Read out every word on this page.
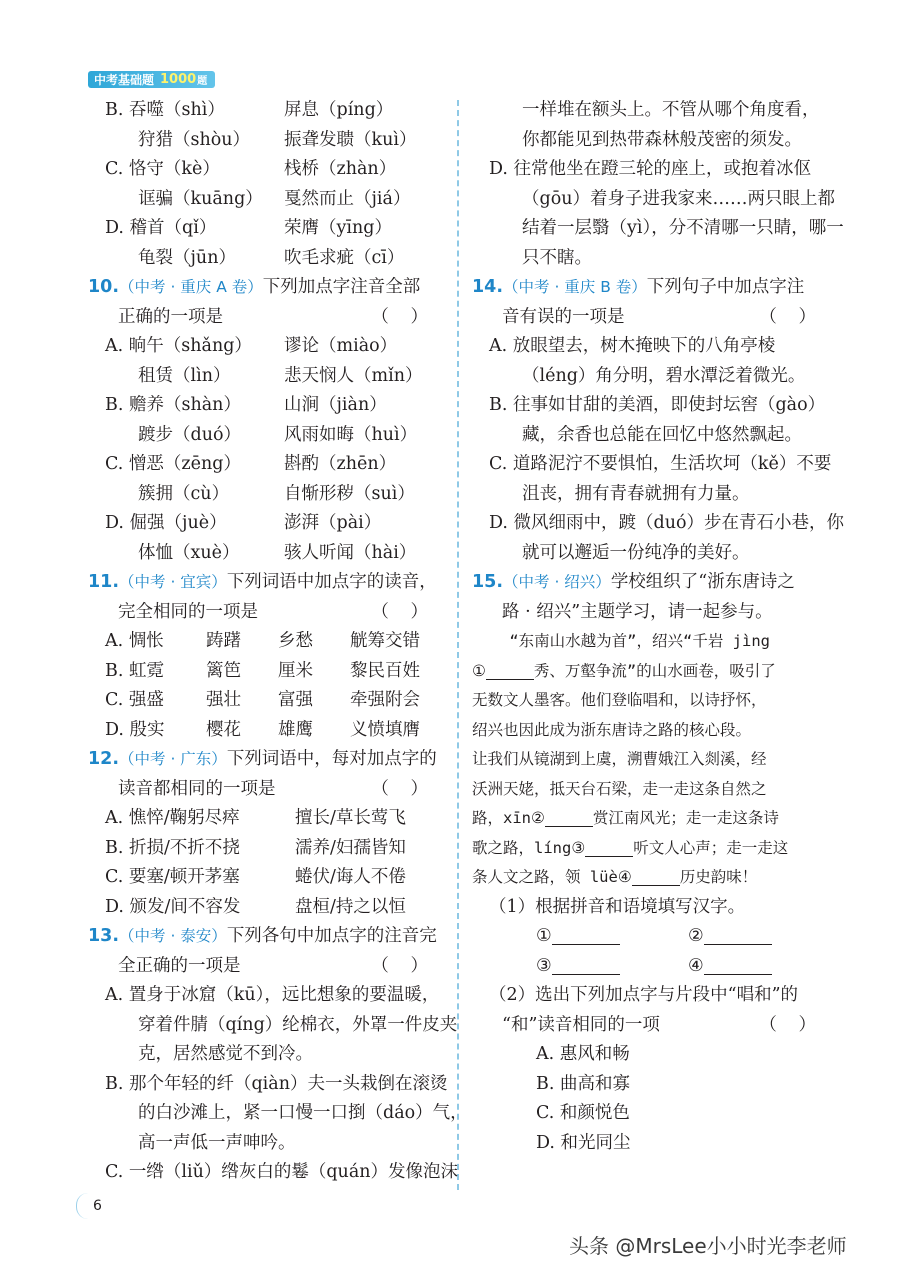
中考基础题 1000 题
B. 吞噬（shì）	屏息（píng）
狩猎（shòu） 振聋发聩（kuì）
C. 恪守（kè）	栈桥（zhàn）
诓骗（kuāng） 戛然而止（jiá）
D. 稽首（qǐ）	荣膺（yīng）
龟裂（jūn）	吹毛求疵（cī）
10.（中考 · 重庆 A 卷）下列加点字注音全部
正确的一项是	（ ）
A. 晌午（shǎng） 谬论（miào）
租赁（lìn）	悲天悯人（mǐn）
B. 赡养（shàn） 山涧（jiàn）
踱步（duó） 风雨如晦（huì）
C. 憎恶（zēng） 斟酌（zhēn）
簇拥（cù）	自惭形秽（suì）
D. 倔强（juè）	澎湃（pài）
体恤（xuè）	骇人听闻（hài）
11.（中考 · 宜宾）下列词语中加点字的读音，
完全相同的一项是	（ ）
A. 惆怅 踌躇 乡愁 觥筹交错
B. 虹霓 篱笆 厘米 黎民百姓
C. 强盛 强壮 富强 牵强附会
D. 殷实 樱花 雄鹰 义愤填膺
12.（中考 · 广东）下列词语中，每对加点字的
读音都相同的一项是	（ ）
A. 憔悴/鞠躬尽瘁	擅长/草长莺飞
B. 折损/不折不挠	濡养/妇孺皆知
C. 要塞/顿开茅塞	蜷伏/诲人不倦
D. 颁发/间不容发	盘桓/持之以恒
13.（中考 · 泰安）下列各句中加点字的注音完
全正确的一项是	（ ）
A. 置身于冰窟（kū），远比想象的要温暖，
穿着件腈（qíng）纶棉衣，外罩一件皮夹
克，居然感觉不到冷。
B. 那个年轻的纤（qiàn）夫一头栽倒在滚烫
的白沙滩上，紧一口慢一口捯（dáo）气，
高一声低一声呻吟。
C. 一绺（liǔ）绺灰白的鬈（quán）发像泡沫
一样堆在额头上。不管从哪个角度看，
你都能见到热带森林般茂密的须发。
D. 往常他坐在蹬三轮的座上，或抱着冰伛
（gōu）着身子进我家来……两只眼上都
结着一层翳（yì），分不清哪一只睛，哪一
只不瞎。
14.（中考 · 重庆 B 卷）下列句子中加点字注
音有误的一项是	（ ）
A. 放眼望去，树木掩映下的八角亭棱
（léng）角分明，碧水潭泛着微光。
B. 往事如甘甜的美酒，即使封坛窖（gào）
藏，余香也总能在回忆中悠然飘起。
C. 道路泥泞不要惧怕，生活坎坷（kě）不要
沮丧，拥有青春就拥有力量。
D. 微风细雨中，踱（duó）步在青石小巷，你
就可以邂逅一份纯净的美好。
15.（中考 · 绍兴）学校组织了“浙东唐诗之
路 · 绍兴”主题学习，请一起参与。
“东南山水越为首”，绍兴“千岩 jìng
①	秀、万壑争流”的山水画卷，吸引了
无数文人墨客。他们登临唱和，以诗抒怀，
绍兴也因此成为浙东唐诗之路的核心段。
让我们从镜湖到上虞，溯曹娥江入剡溪，经
沃洲天姥，抵天台石梁，走一走这条自然之
路，xīn②	赏江南风光；走一走这条诗
歌之路，líng③	听文人心声；走一走这
条人文之路，领 lüè④	历史韵味！
（1）根据拼音和语境填写汉字。
①	②
③	④
（2）选出下列加点字与片段中“唱和”的
“和”读音相同的一项	（ ）
A. 惠风和畅
B. 曲高和寡
C. 和颜悦色
D. 和光同尘
6
头条 @MrsLee小小时光李老师
